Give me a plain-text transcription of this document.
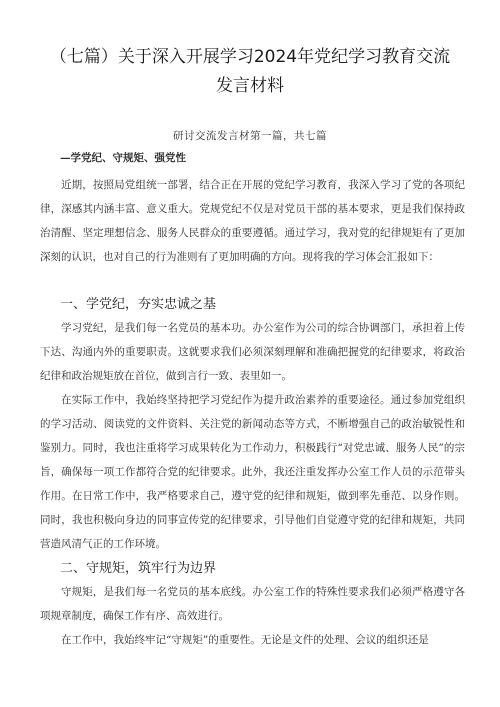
（七篇）关于深入开展学习2024年党纪学习教育交流
发言材料
研讨交流发言材第一篇，共七篇
—学党纪、守规矩、强党性

近期，按照局党组统一部署，结合正在开展的党纪学习教育，我深入学习了党的各项纪律，深感其内涵丰富、意义重大。党规党纪不仅是对党员干部的基本要求，更是我们保持政治清醒、坚定理想信念、服务人民群众的重要遵循。通过学习，我对党的纪律规矩有了更加深刻的认识，也对自己的行为准则有了更加明确的方向。现将我的学习体会汇报如下：

一、学党纪，夯实忠诚之基

学习党纪，是我们每一名党员的基本功。办公室作为公司的综合协调部门，承担着上传下达、沟通内外的重要职责。这就要求我们必须深刻理解和准确把握党的纪律要求，将政治纪律和政治规矩放在首位，做到言行一致、表里如一。

在实际工作中，我始终坚持把学习党纪作为提升政治素养的重要途径。通过参加党组织的学习活动、阅读党的文件资料、关注党的新闻动态等方式，不断增强自己的政治敏锐性和鉴别力。同时，我也注重将学习成果转化为工作动力，积极践行“对党忠诚、服务人民”的宗旨，确保每一项工作都符合党的纪律要求。此外，我还注重发挥办公室工作人员的示范带头作用。在日常工作中，我严格要求自己，遵守党的纪律和规矩，做到率先垂范、以身作则。同时，我也积极向身边的同事宣传党的纪律要求，引导他们自觉遵守党的纪律和规矩，共同营造风清气正的工作环境。

二、守规矩，筑牢行为边界

守规矩，是我们每一名党员的基本底线。办公室工作的特殊性要求我们必须严格遵守各项规章制度，确保工作有序、高效进行。

在工作中，我始终牢记“守规矩”的重要性。无论是文件的处理、会议的组织还是
